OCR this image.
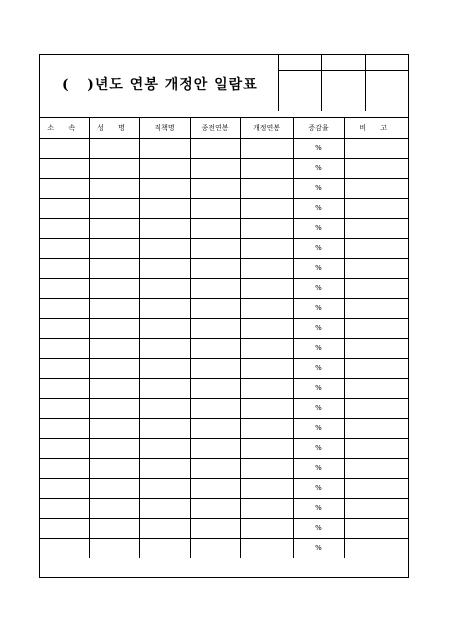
(   )년도 연봉 개정안 일람표
소 속	성 명	직책명	종전연봉	개정연봉	증감율	비 고
					%	
					%	
					%	
					%	
					%	
					%	
					%	
					%	
					%	
					%	
					%	
					%	
					%	
					%	
					%	
					%	
					%	
					%	
					%	
					%	
					%	
